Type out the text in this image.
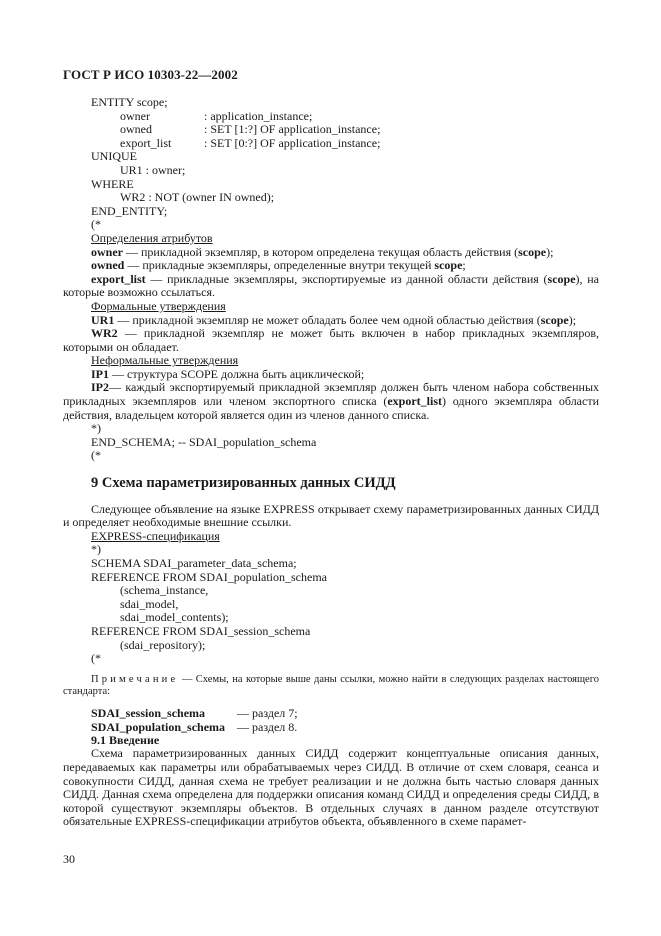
ГОСТ Р ИСО 10303-22—2002
ENTITY scope;
owner	: application_instance;
owned	: SET [1:?] OF application_instance;
export_list	: SET [0:?] OF application_instance;
UNIQUE
UR1 : owner;
WHERE
WR2 : NOT (owner IN owned);
END_ENTITY;
(*
Определения атрибутов
owner — прикладной экземпляр, в котором определена текущая область действия (scope);
owned — прикладные экземпляры, определенные внутри текущей scope;
export_list — прикладные экземпляры, экспортируемые из данной области действия (scope), на которые возможно ссылаться.
Формальные утверждения
UR1 — прикладной экземпляр не может обладать более чем одной областью действия (scope);
WR2 — прикладной экземпляр не может быть включен в набор прикладных экземпляров, которыми он обладает.
Неформальные утверждения
IP1 — структура SCOPE должна быть ациклической;
IP2— каждый экспортируемый прикладной экземпляр должен быть членом набора собственных прикладных экземпляров или членом экспортного списка (export_list) одного экземпляра области действия, владельцем которой является один из членов данного списка.
*)
END_SCHEMA; -- SDAI_population_schema
(*
9 Схема параметризированных данных СИДД
Следующее объявление на языке EXPRESS открывает схему параметризированных данных СИДД и определяет необходимые внешние ссылки.
EXPRESS-спецификация
*)
SCHEMA SDAI_parameter_data_schema;
REFERENCE FROM SDAI_population_schema
(schema_instance,
sdai_model,
sdai_model_contents);
REFERENCE FROM SDAI_session_schema
(sdai_repository);
(*
Примечание — Схемы, на которые выше даны ссылки, можно найти в следующих разделах настоящего стандарта:
SDAI_session_schema	— раздел 7;
SDAI_population_schema — раздел 8.
9.1 Введение
Схема параметризированных данных СИДД содержит концептуальные описания данных, передаваемых как параметры или обрабатываемых через СИДД. В отличие от схем словаря, сеанса и совокупности СИДД, данная схема не требует реализации и не должна быть частью словаря данных СИДД. Данная схема определена для поддержки описания команд СИДД и определения среды СИДД, в которой существуют экземпляры объектов. В отдельных случаях в данном разделе отсутствуют обязательные EXPRESS-спецификации атрибутов объекта, объявленного в схеме парамет-
30
